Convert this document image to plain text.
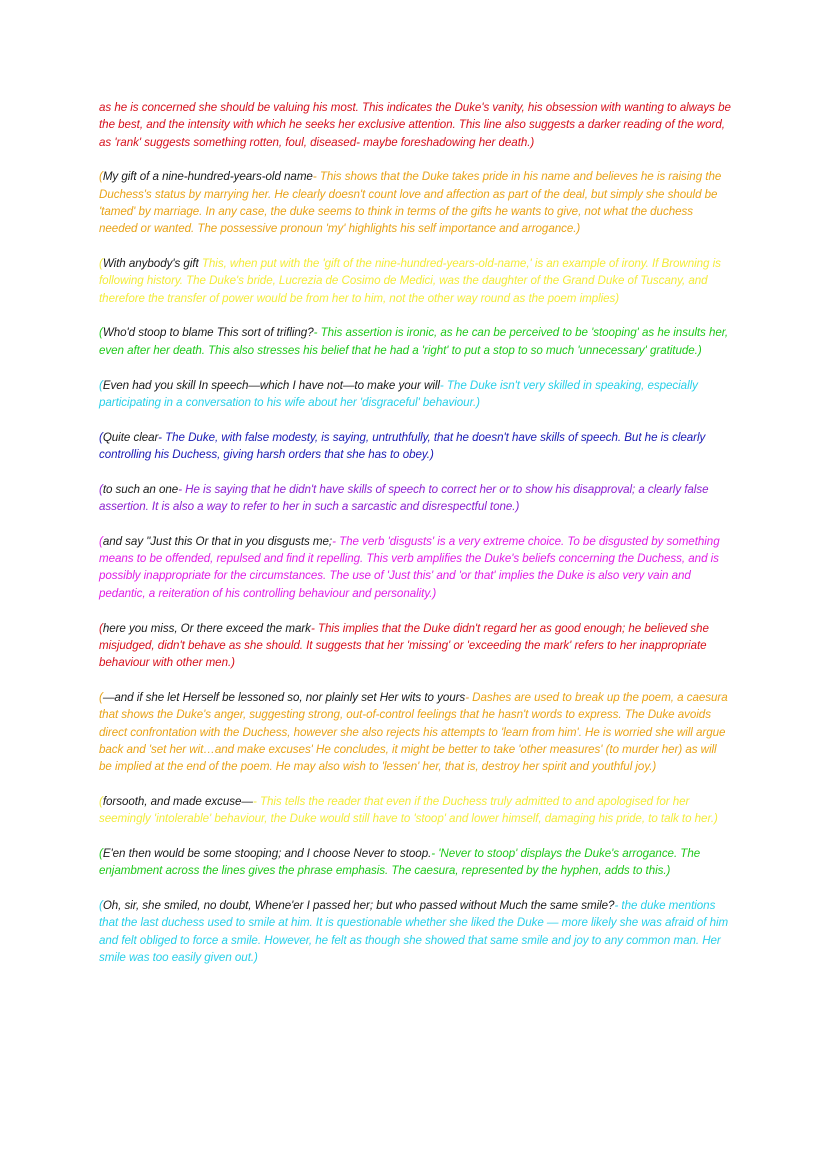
as he is concerned she should be valuing his most. This indicates the Duke's vanity, his obsession with wanting to always be the best, and the intensity with which he seeks her exclusive attention. This line also suggests a darker reading of the word, as 'rank' suggests something rotten, foul, diseased- maybe foreshadowing her death.)

(My gift of a nine-hundred-years-old name- This shows that the Duke takes pride in his name and believes he is raising the Duchess's status by marrying her. He clearly doesn't count love and affection as part of the deal, but simply she should be 'tamed' by marriage. In any case, the duke seems to think in terms of the gifts he wants to give, not what the duchess needed or wanted. The possessive pronoun 'my' highlights his self importance and arrogance.)

(With anybody's gift This, when put with the 'gift of the nine-hundred-years-old-name,' is an example of irony. If Browning is following history. The Duke's bride, Lucrezia de Cosimo de Medici, was the daughter of the Grand Duke of Tuscany, and therefore the transfer of power would be from her to him, not the other way round as the poem implies)

(Who'd stoop to blame This sort of trifling?- This assertion is ironic, as he can be perceived to be 'stooping' as he insults her, even after her death. This also stresses his belief that he had a 'right' to put a stop to so much 'unnecessary' gratitude.)

(Even had you skill In speech—which I have not—to make your will- The Duke isn't very skilled in speaking, especially participating in a conversation to his wife about her 'disgraceful' behaviour.)

(Quite clear- The Duke, with false modesty, is saying, untruthfully, that he doesn't have skills of speech. But he is clearly controlling his Duchess, giving harsh orders that she has to obey.)

(to such an one- He is saying that he didn't have skills of speech to correct her or to show his disapproval; a clearly false assertion. It is also a way to refer to her in such a sarcastic and disrespectful tone.)

(and say "Just this Or that in you disgusts me;- The verb 'disgusts' is a very extreme choice. To be disgusted by something means to be offended, repulsed and find it repelling. This verb amplifies the Duke's beliefs concerning the Duchess, and is possibly inappropriate for the circumstances. The use of 'Just this' and 'or that' implies the Duke is also very vain and pedantic, a reiteration of his controlling behaviour and personality.)

(here you miss, Or there exceed the mark- This implies that the Duke didn't regard her as good enough; he believed she misjudged, didn't behave as she should. It suggests that her 'missing' or 'exceeding the mark' refers to her inappropriate behaviour with other men.)

(—and if she let Herself be lessoned so, nor plainly set Her wits to yours- Dashes are used to break up the poem, a caesura that shows the Duke's anger, suggesting strong, out-of-control feelings that he hasn't words to express. The Duke avoids direct confrontation with the Duchess, however she also rejects his attempts to 'learn from him'. He is worried she will argue back and 'set her wit…and make excuses' He concludes, it might be better to take 'other measures' (to murder her) as will be implied at the end of the poem. He may also wish to 'lessen' her, that is, destroy her spirit and youthful joy.)

(forsooth, and made excuse—- This tells the reader that even if the Duchess truly admitted to and apologised for her seemingly 'intolerable' behaviour, the Duke would still have to 'stoop' and lower himself, damaging his pride, to talk to her.)

(E'en then would be some stooping; and I choose Never to stoop.- 'Never to stoop' displays the Duke's arrogance. The enjambment across the lines gives the phrase emphasis. The caesura, represented by the hyphen, adds to this.)

(Oh, sir, she smiled, no doubt, Whene'er I passed her; but who passed without Much the same smile?- the duke mentions that the last duchess used to smile at him. It is questionable whether she liked the Duke — more likely she was afraid of him and felt obliged to force a smile. However, he felt as though she showed that same smile and joy to any common man. Her smile was too easily given out.)
